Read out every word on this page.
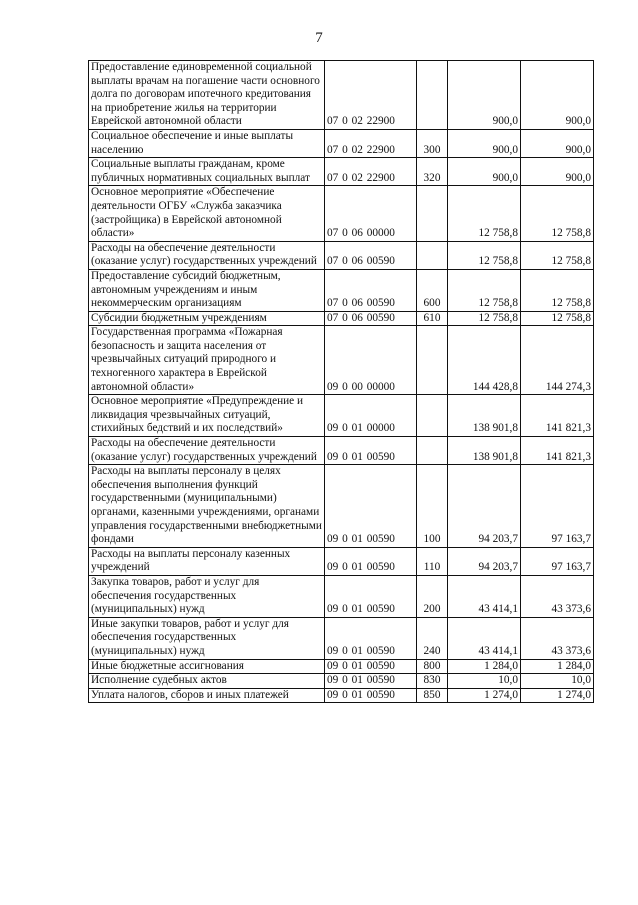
7
Предоставление единовременной социальной выплаты врачам на погашение части основного долга по договорам ипотечного кредитования на приобретение жилья на территории Еврейской автономной области	07 0 02 22900		900,0	900,0
Социальное обеспечение и иные выплаты населению	07 0 02 22900	300	900,0	900,0
Социальные выплаты гражданам, кроме публичных нормативных социальных выплат	07 0 02 22900	320	900,0	900,0
Основное мероприятие «Обеспечение деятельности ОГБУ «Служба заказчика (застройщика) в Еврейской автономной области»	07 0 06 00000		12 758,8	12 758,8
Расходы на обеспечение деятельности (оказание услуг) государственных учреждений	07 0 06 00590		12 758,8	12 758,8
Предоставление субсидий бюджетным, автономным учреждениям и иным некоммерческим организациям	07 0 06 00590	600	12 758,8	12 758,8
Субсидии бюджетным учреждениям	07 0 06 00590	610	12 758,8	12 758,8
Государственная программа «Пожарная безопасность и защита населения от чрезвычайных ситуаций природного и техногенного характера в Еврейской автономной области»	09 0 00 00000		144 428,8	144 274,3
Основное мероприятие «Предупреждение и ликвидация чрезвычайных ситуаций, стихийных бедствий и их последствий»	09 0 01 00000		138 901,8	141 821,3
Расходы на обеспечение деятельности (оказание услуг) государственных учреждений	09 0 01 00590		138 901,8	141 821,3
Расходы на выплаты персоналу в целях обеспечения выполнения функций государственными (муниципальными) органами, казенными учреждениями, органами управления государственными внебюджетными фондами	09 0 01 00590	100	94 203,7	97 163,7
Расходы на выплаты персоналу казенных учреждений	09 0 01 00590	110	94 203,7	97 163,7
Закупка товаров, работ и услуг для обеспечения государственных (муниципальных) нужд	09 0 01 00590	200	43 414,1	43 373,6
Иные закупки товаров, работ и услуг для обеспечения государственных (муниципальных) нужд	09 0 01 00590	240	43 414,1	43 373,6
Иные бюджетные ассигнования	09 0 01 00590	800	1 284,0	1 284,0
Исполнение судебных актов	09 0 01 00590	830	10,0	10,0
Уплата налогов, сборов и иных платежей	09 0 01 00590	850	1 274,0	1 274,0
